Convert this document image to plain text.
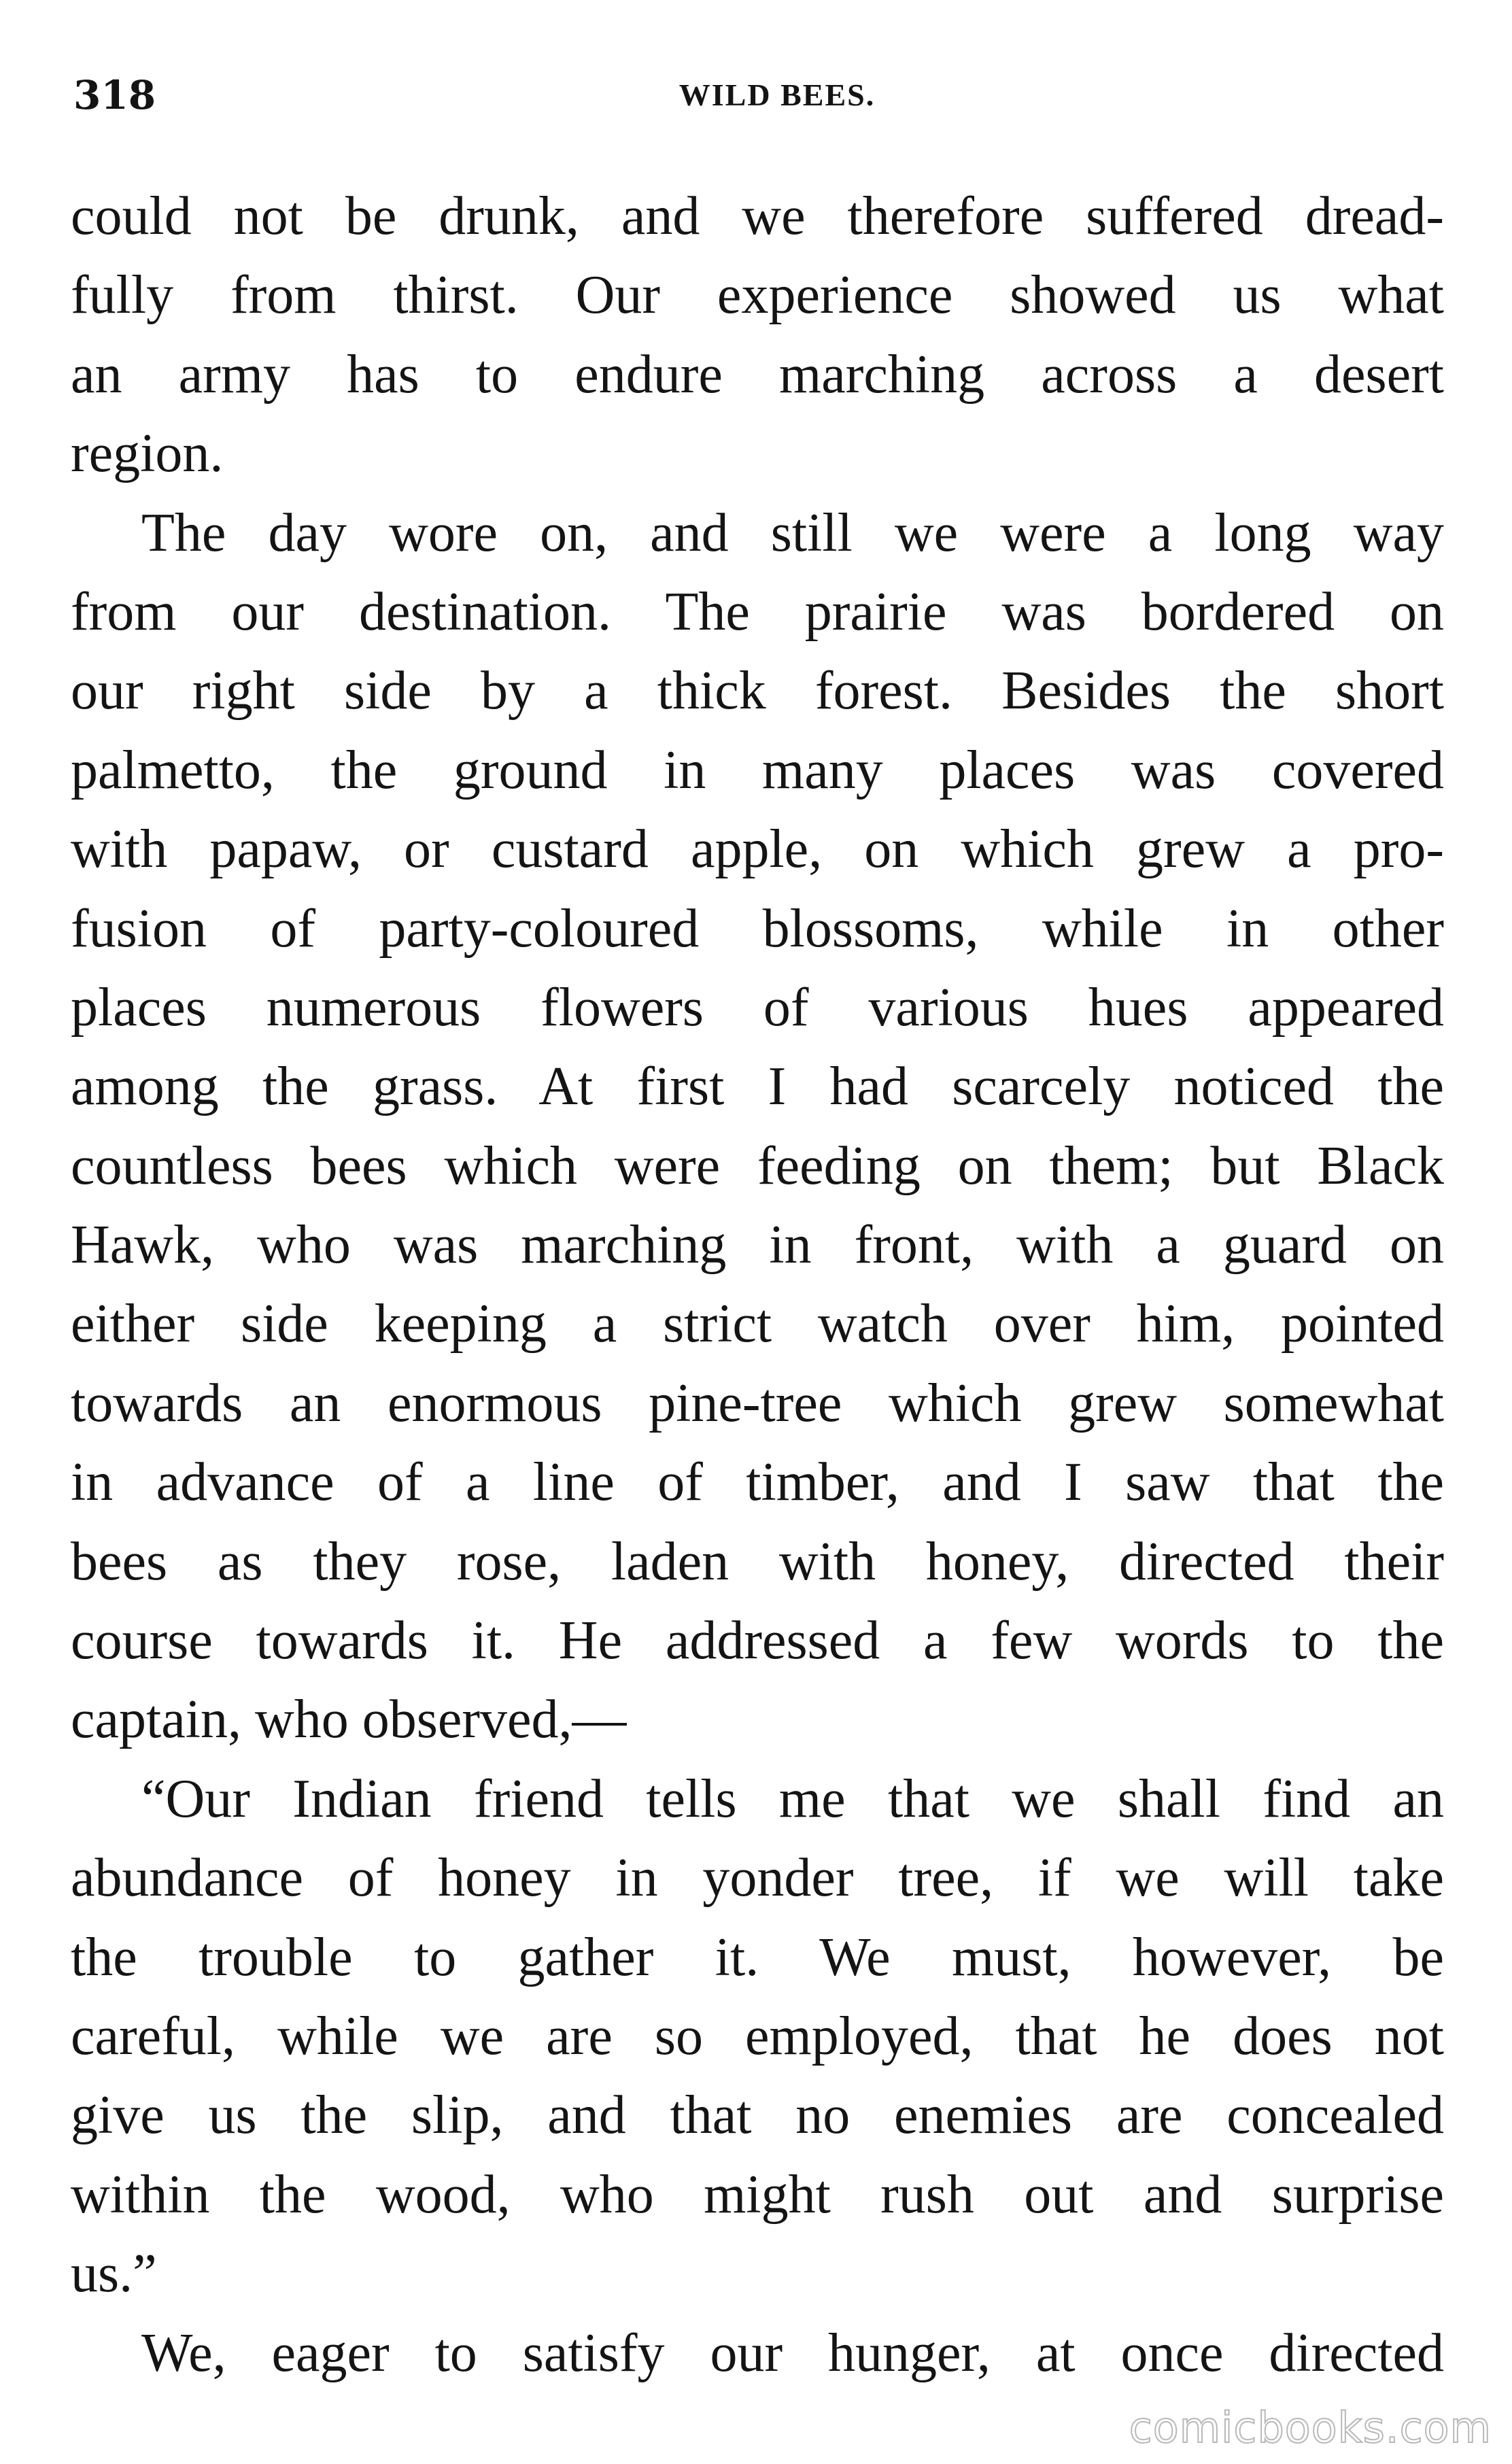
318	WILD BEES.
could not be drunk, and we therefore suffered dread-
fully from thirst. Our experience showed us what
an army has to endure marching across a desert
region.
The day wore on, and still we were a long way
from our destination. The prairie was bordered on
our right side by a thick forest. Besides the short
palmetto, the ground in many places was covered
with papaw, or custard apple, on which grew a pro-
fusion of party-coloured blossoms, while in other
places numerous flowers of various hues appeared
among the grass. At first I had scarcely noticed the
countless bees which were feeding on them; but Black
Hawk, who was marching in front, with a guard on
either side keeping a strict watch over him, pointed
towards an enormous pine-tree which grew somewhat
in advance of a line of timber, and I saw that the
bees as they rose, laden with honey, directed their
course towards it. He addressed a few words to the
captain, who observed,—
“Our Indian friend tells me that we shall find an
abundance of honey in yonder tree, if we will take
the trouble to gather it. We must, however, be
careful, while we are so employed, that he does not
give us the slip, and that no enemies are concealed
within the wood, who might rush out and surprise
us.”
We, eager to satisfy our hunger, at once directed
comicbooks.com
